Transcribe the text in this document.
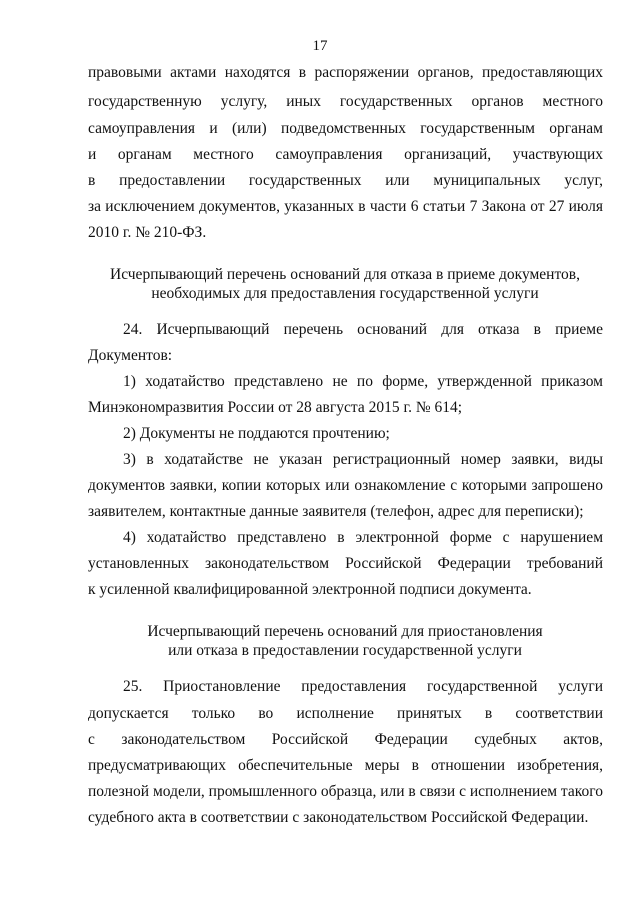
17
правовыми актами находятся в распоряжении органов, предоставляющих
государственную услугу, иных государственных органов местного
самоуправления и (или) подведомственных государственным органам
и органам местного самоуправления организаций, участвующих
в предоставлении государственных или муниципальных услуг,
за исключением документов, указанных в части 6 статьи 7 Закона от 27 июля
2010 г. № 210-ФЗ.
Исчерпывающий перечень оснований для отказа в приеме документов,
необходимых для предоставления государственной услуги
24. Исчерпывающий перечень оснований для отказа в приеме
Документов:
1) ходатайство представлено не по форме, утвержденной приказом
Минэкономразвития России от 28 августа 2015 г. № 614;
2) Документы не поддаются прочтению;
3) в ходатайстве не указан регистрационный номер заявки, виды
документов заявки, копии которых или ознакомление с которыми запрошено
заявителем, контактные данные заявителя (телефон, адрес для переписки);
4) ходатайство представлено в электронной форме с нарушением
установленных законодательством Российской Федерации требований
к усиленной квалифицированной электронной подписи документа.
Исчерпывающий перечень оснований для приостановления
или отказа в предоставлении государственной услуги
25. Приостановление предоставления государственной услуги
допускается только во исполнение принятых в соответствии
с законодательством Российской Федерации судебных актов,
предусматривающих обеспечительные меры в отношении изобретения,
полезной модели, промышленного образца, или в связи с исполнением такого
судебного акта в соответствии с законодательством Российской Федерации.
